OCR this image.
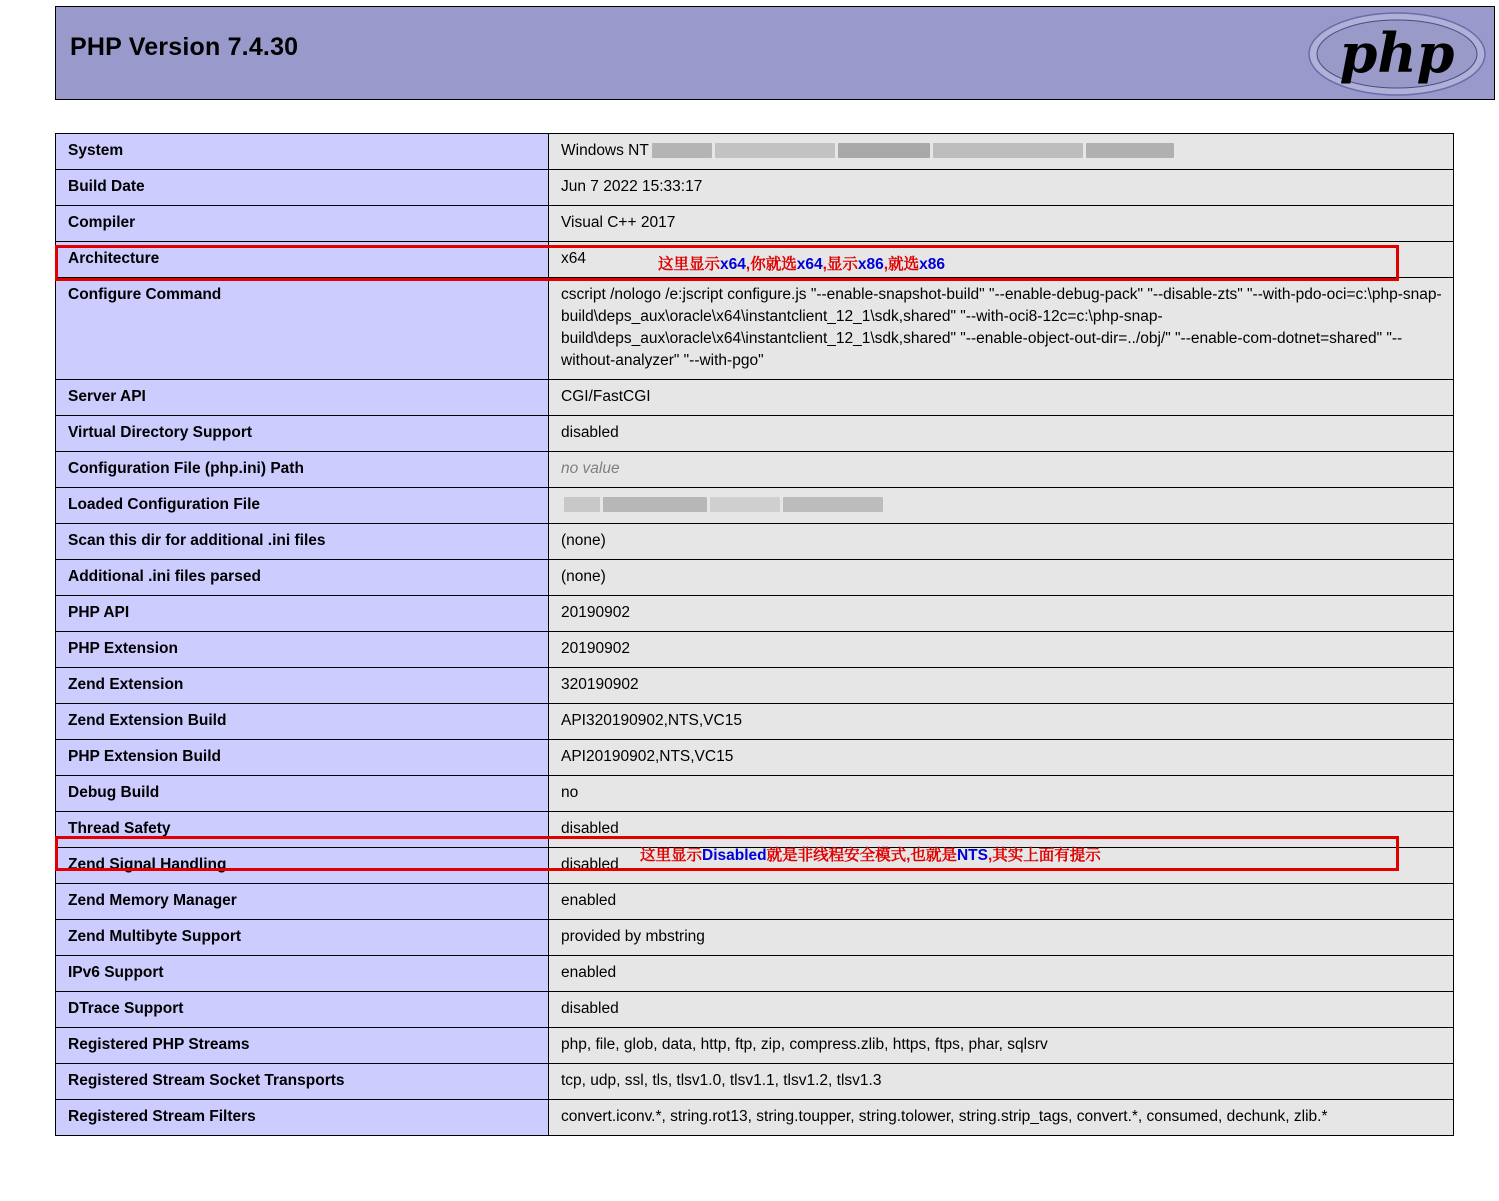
PHP Version 7.4.30	php
System	Windows NT
Build Date	Jun 7 2022 15:33:17
Compiler	Visual C++ 2017
Architecture	x64
Configure Command	cscript /nologo /e:jscript configure.js "--enable-snapshot-build" "--enable-debug-pack" "--disable-zts" "--with-pdo-oci=c:\php-snap-build\deps_aux\oracle\x64\instantclient_12_1\sdk,shared" "--with-oci8-12c=c:\php-snap-build\deps_aux\oracle\x64\instantclient_12_1\sdk,shared" "--enable-object-out-dir=../obj/" "--enable-com-dotnet=shared" "--without-analyzer" "--with-pgo"
Server API	CGI/FastCGI
Virtual Directory Support	disabled
Configuration File (php.ini) Path	no value
Loaded Configuration File	
Scan this dir for additional .ini files	(none)
Additional .ini files parsed	(none)
PHP API	20190902
PHP Extension	20190902
Zend Extension	320190902
Zend Extension Build	API320190902,NTS,VC15
PHP Extension Build	API20190902,NTS,VC15
Debug Build	no
Thread Safety	disabled
Zend Signal Handling	disabled
Zend Memory Manager	enabled
Zend Multibyte Support	provided by mbstring
IPv6 Support	enabled
DTrace Support	disabled
Registered PHP Streams	php, file, glob, data, http, ftp, zip, compress.zlib, https, ftps, phar, sqlsrv
Registered Stream Socket Transports	tcp, udp, ssl, tls, tlsv1.0, tlsv1.1, tlsv1.2, tlsv1.3
Registered Stream Filters	convert.iconv.*, string.rot13, string.toupper, string.tolower, string.strip_tags, convert.*, consumed, dechunk, zlib.*
这里显示x64,你就选x64,显示x86,就选x86
这里显示Disabled就是非线程安全模式,也就是NTS,其实上面有提示
